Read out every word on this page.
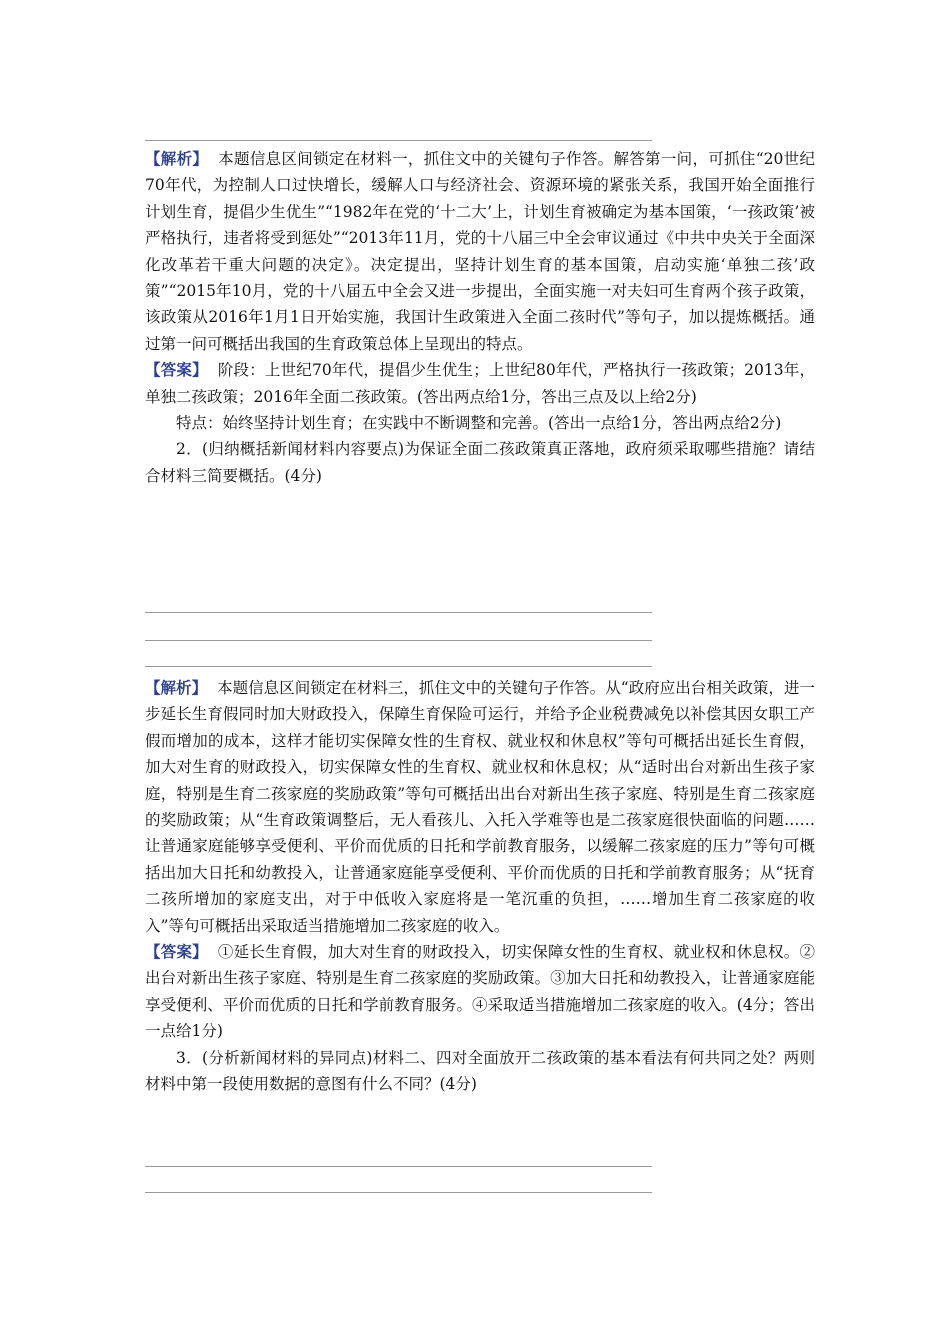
【解析】 本题信息区间锁定在材料一，抓住文中的关键句子作答。解答第一问，可抓住“20世纪70年代，为控制人口过快增长，缓解人口与经济社会、资源环境的紧张关系，我国开始全面推行计划生育，提倡少生优生”“1982年在党的‘十二大’上，计划生育被确定为基本国策，‘一孩政策’被严格执行，违者将受到惩处”“2013年11月，党的十八届三中全会审议通过《中共中央关于全面深化改革若干重大问题的决定》。决定提出，坚持计划生育的基本国策，启动实施‘单独二孩’政策”“2015年10月，党的十八届五中全会又进一步提出，全面实施一对夫妇可生育两个孩子政策，该政策从2016年1月1日开始实施，我国计生政策进入全面二孩时代”等句子，加以提炼概括。通过第一问可概括出我国的生育政策总体上呈现出的特点。

【答案】 阶段：上世纪70年代，提倡少生优生；上世纪80年代，严格执行一孩政策；2013年，单独二孩政策；2016年全面二孩政策。(答出两点给1分，答出三点及以上给2分)

特点：始终坚持计划生育；在实践中不断调整和完善。(答出一点给1分，答出两点给2分)

2．(归纳概括新闻材料内容要点)为保证全面二孩政策真正落地，政府须采取哪些措施？请结合材料三简要概括。(4分)

【解析】 本题信息区间锁定在材料三，抓住文中的关键句子作答。从“政府应出台相关政策，进一步延长生育假同时加大财政投入，保障生育保险可运行，并给予企业税费减免以补偿其因女职工产假而增加的成本，这样才能切实保障女性的生育权、就业权和休息权”等句可概括出延长生育假，加大对生育的财政投入，切实保障女性的生育权、就业权和休息权；从“适时出台对新出生孩子家庭，特别是生育二孩家庭的奖励政策”等句可概括出出台对新出生孩子家庭、特别是生育二孩家庭的奖励政策；从“生育政策调整后，无人看孩儿、入托入学难等也是二孩家庭很快面临的问题……让普通家庭能够享受便利、平价而优质的日托和学前教育服务，以缓解二孩家庭的压力”等句可概括出加大日托和幼教投入，让普通家庭能享受便利、平价而优质的日托和学前教育服务；从“抚育二孩所增加的家庭支出，对于中低收入家庭将是一笔沉重的负担，……增加生育二孩家庭的收入”等句可概括出采取适当措施增加二孩家庭的收入。

【答案】 ①延长生育假，加大对生育的财政投入，切实保障女性的生育权、就业权和休息权。②出台对新出生孩子家庭、特别是生育二孩家庭的奖励政策。③加大日托和幼教投入，让普通家庭能享受便利、平价而优质的日托和学前教育服务。④采取适当措施增加二孩家庭的收入。(4分；答出一点给1分)

3．(分析新闻材料的异同点)材料二、四对全面放开二孩政策的基本看法有何共同之处？两则材料中第一段使用数据的意图有什么不同？(4分)
